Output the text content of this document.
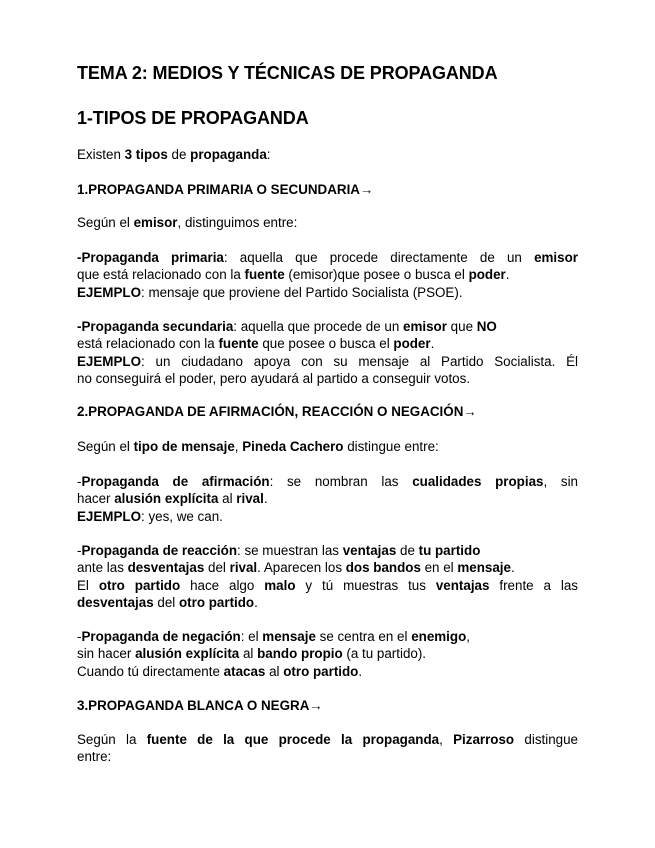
TEMA 2: MEDIOS Y TÉCNICAS DE PROPAGANDA
1-TIPOS DE PROPAGANDA

Existen 3 tipos de propaganda:

1.PROPAGANDA PRIMARIA O SECUNDARIA→

Según el emisor, distinguimos entre:

-Propaganda primaria: aquella que procede directamente de un emisor

que está relacionado con la fuente (emisor)que posee o busca el poder.

EJEMPLO: mensaje que proviene del Partido Socialista (PSOE).

-Propaganda secundaria: aquella que procede de un emisor que NO

está relacionado con la fuente que posee o busca el poder.

EJEMPLO: un ciudadano apoya con su mensaje al Partido Socialista. Él

no conseguirá el poder, pero ayudará al partido a conseguir votos.

2.PROPAGANDA DE AFIRMACIÓN, REACCIÓN O NEGACIÓN→

Según el tipo de mensaje, Pineda Cachero distingue entre:

-Propaganda de afirmación: se nombran las cualidades propias, sin

hacer alusión explícita al rival.

EJEMPLO: yes, we can.

-Propaganda de reacción: se muestran las ventajas de tu partido

ante las desventajas del rival. Aparecen los dos bandos en el mensaje.

El otro partido hace algo malo y tú muestras tus ventajas frente a las

desventajas del otro partido.

-Propaganda de negación: el mensaje se centra en el enemigo,

sin hacer alusión explícita al bando propio (a tu partido).

Cuando tú directamente atacas al otro partido.

3.PROPAGANDA BLANCA O NEGRA→

Según la fuente de la que procede la propaganda, Pizarroso distingue

entre:
